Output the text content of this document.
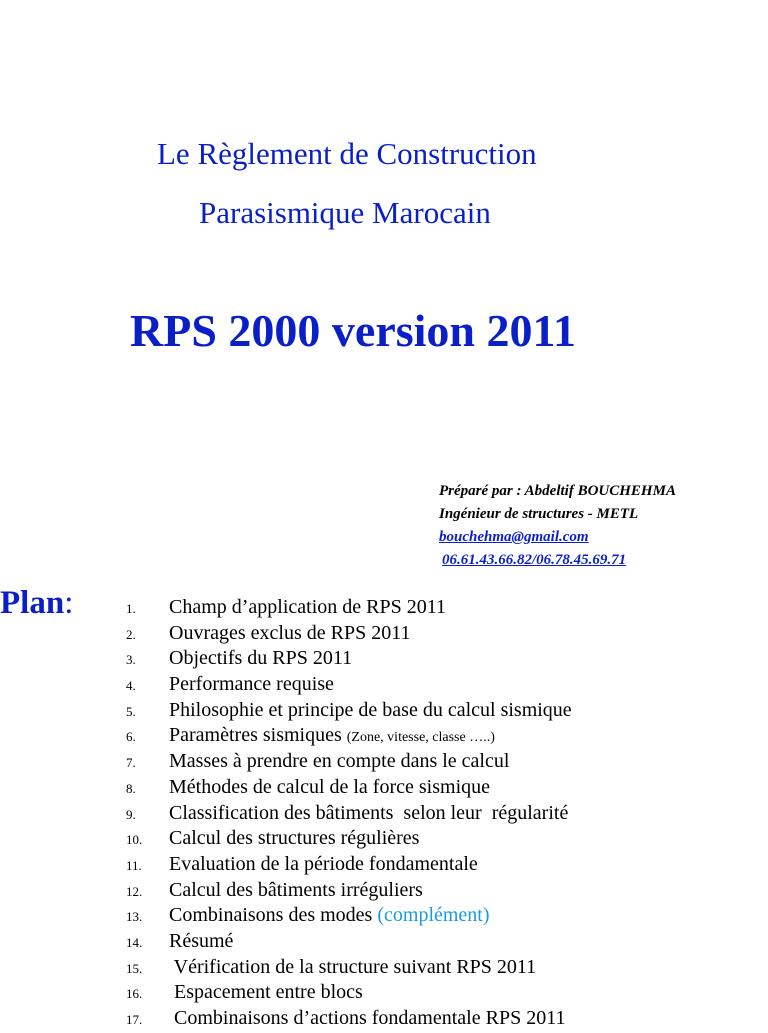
Le Règlement de Construction
Parasismique Marocain
RPS 2000 version 2011
Préparé par : Abdeltif BOUCHEHMA
Ingénieur de structures - METL
bouchehma@gmail.com
06.61.43.66.82/06.78.45.69.71
Plan:	1. Champ d’application de RPS 2011
2. Ouvrages exclus de RPS 2011
3. Objectifs du RPS 2011
4. Performance requise
5. Philosophie et principe de base du calcul sismique
6. Paramètres sismiques (Zone, vitesse, classe …..)
7. Masses à prendre en compte dans le calcul
8. Méthodes de calcul de la force sismique
9. Classification des bâtiments  selon leur  régularité
10. Calcul des structures régulières
11. Evaluation de la période fondamentale
12. Calcul des bâtiments irréguliers
13. Combinaisons des modes (complément)
14. Résumé
15. Vérification de la structure suivant RPS 2011
16. Espacement entre blocs
17. Combinaisons d’actions fondamentale RPS 2011
